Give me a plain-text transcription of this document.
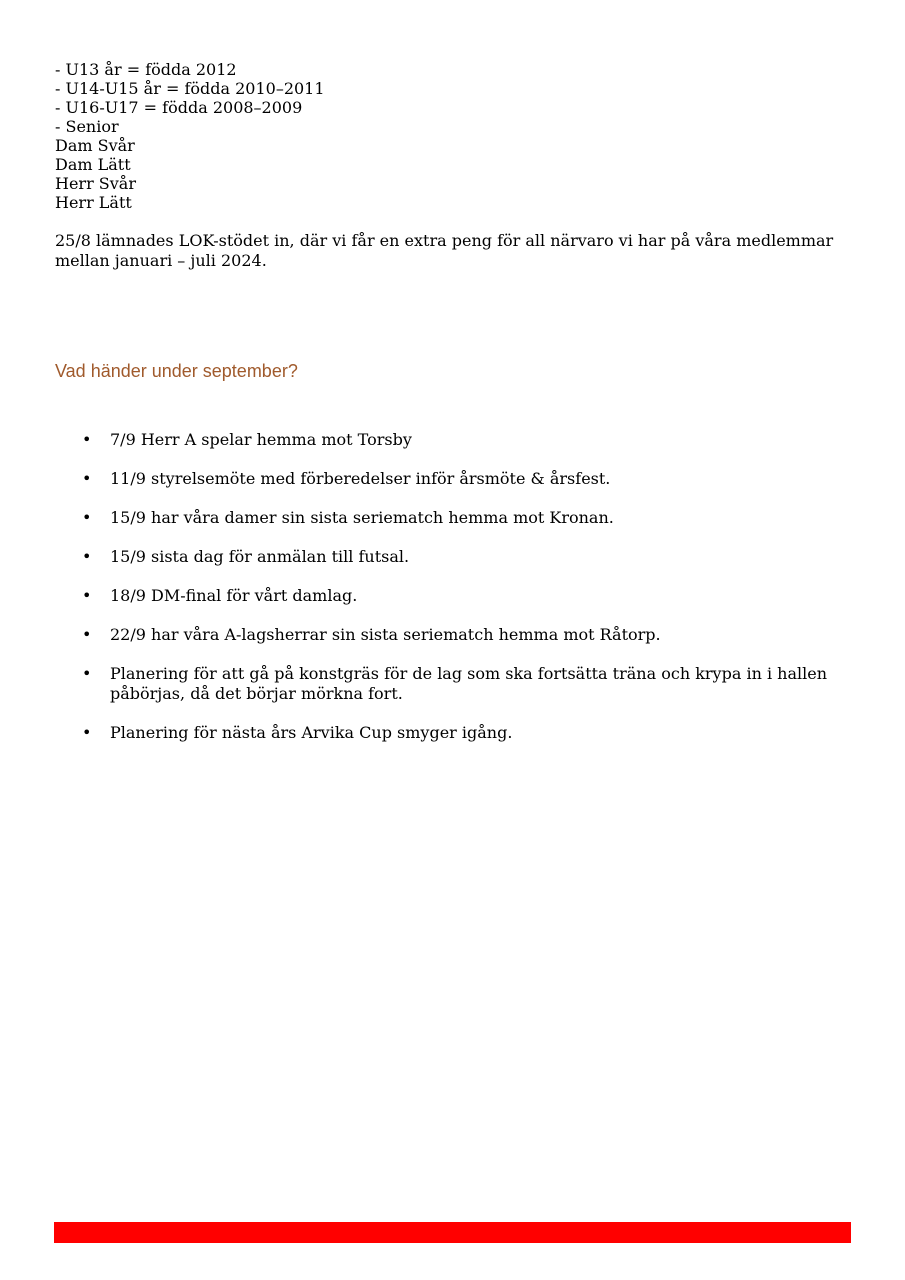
- U13 år = födda 2012
- U14-U15 år = födda 2010–2011
- U16-U17 = födda 2008–2009
- Senior
Dam Svår
Dam Lätt
Herr Svår
Herr Lätt

25/8 lämnades LOK-stödet in, där vi får en extra peng för all närvaro vi har på våra medlemmar mellan januari – juli 2024.

Vad händer under september?
• 7/9 Herr A spelar hemma mot Torsby
• 11/9 styrelsemöte med förberedelser inför årsmöte & årsfest.
• 15/9 har våra damer sin sista seriematch hemma mot Kronan.
• 15/9 sista dag för anmälan till futsal.
• 18/9 DM-final för vårt damlag.
• 22/9 har våra A-lagsherrar sin sista seriematch hemma mot Råtorp.
• Planering för att gå på konstgräs för de lag som ska fortsätta träna och krypa in i hallen påbörjas, då det börjar mörkna fort.
• Planering för nästa års Arvika Cup smyger igång.
